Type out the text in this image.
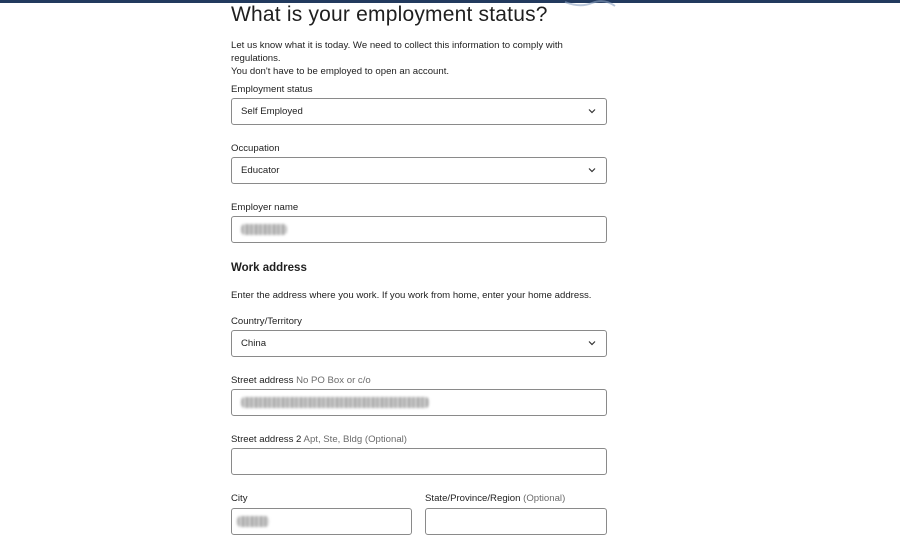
What is your employment status?
Let us know what it is today. We need to collect this information to comply with regulations.
You don't have to be employed to open an account.
Employment status
Self Employed
Occupation
Educator
Employer name
Work address
Enter the address where you work. If you work from home, enter your home address.
Country/Territory
China
Street address No PO Box or c/o
Street address 2 Apt, Ste, Bldg (Optional)
City	State/Province/Region (Optional)
